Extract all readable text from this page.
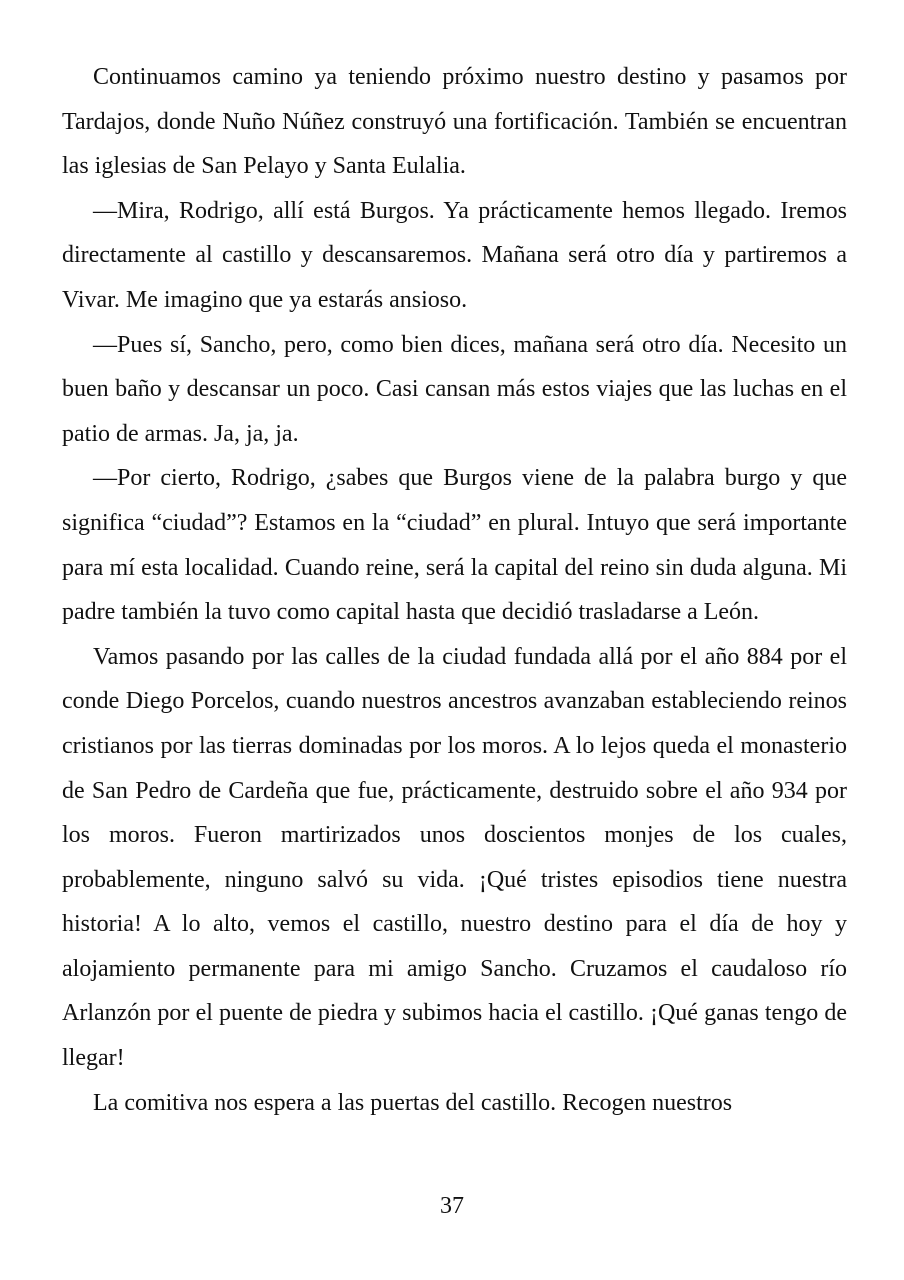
Continuamos camino ya teniendo próximo nuestro destino y pasamos por Tardajos, donde Nuño Núñez construyó una fortificación. También se encuentran las iglesias de San Pelayo y Santa Eulalia.

—Mira, Rodrigo, allí está Burgos. Ya prácticamente hemos llegado. Iremos directamente al castillo y descansaremos. Mañana será otro día y partiremos a Vivar. Me imagino que ya estarás ansioso.

—Pues sí, Sancho, pero, como bien dices, mañana será otro día. Necesito un buen baño y descansar un poco. Casi cansan más estos viajes que las luchas en el patio de armas. Ja, ja, ja.

—Por cierto, Rodrigo, ¿sabes que Burgos viene de la palabra burgo y que significa “ciudad”? Estamos en la “ciudad” en plural. Intuyo que será importante para mí esta localidad. Cuando reine, será la capital del reino sin duda alguna. Mi padre también la tuvo como capital hasta que decidió trasladarse a León.

Vamos pasando por las calles de la ciudad fundada allá por el año 884 por el conde Diego Porcelos, cuando nuestros ancestros avanzaban estableciendo reinos cristianos por las tierras dominadas por los moros. A lo lejos queda el monasterio de San Pedro de Cardeña que fue, prácticamente, destruido sobre el año 934 por los moros. Fueron martirizados unos doscientos monjes de los cuales, probablemente, ninguno salvó su vida. ¡Qué tristes episodios tiene nuestra historia! A lo alto, vemos el castillo, nuestro destino para el día de hoy y alojamiento permanente para mi amigo Sancho. Cruzamos el caudaloso río Arlanzón por el puente de piedra y subimos hacia el castillo. ¡Qué ganas tengo de llegar!

La comitiva nos espera a las puertas del castillo. Recogen nuestros

37
